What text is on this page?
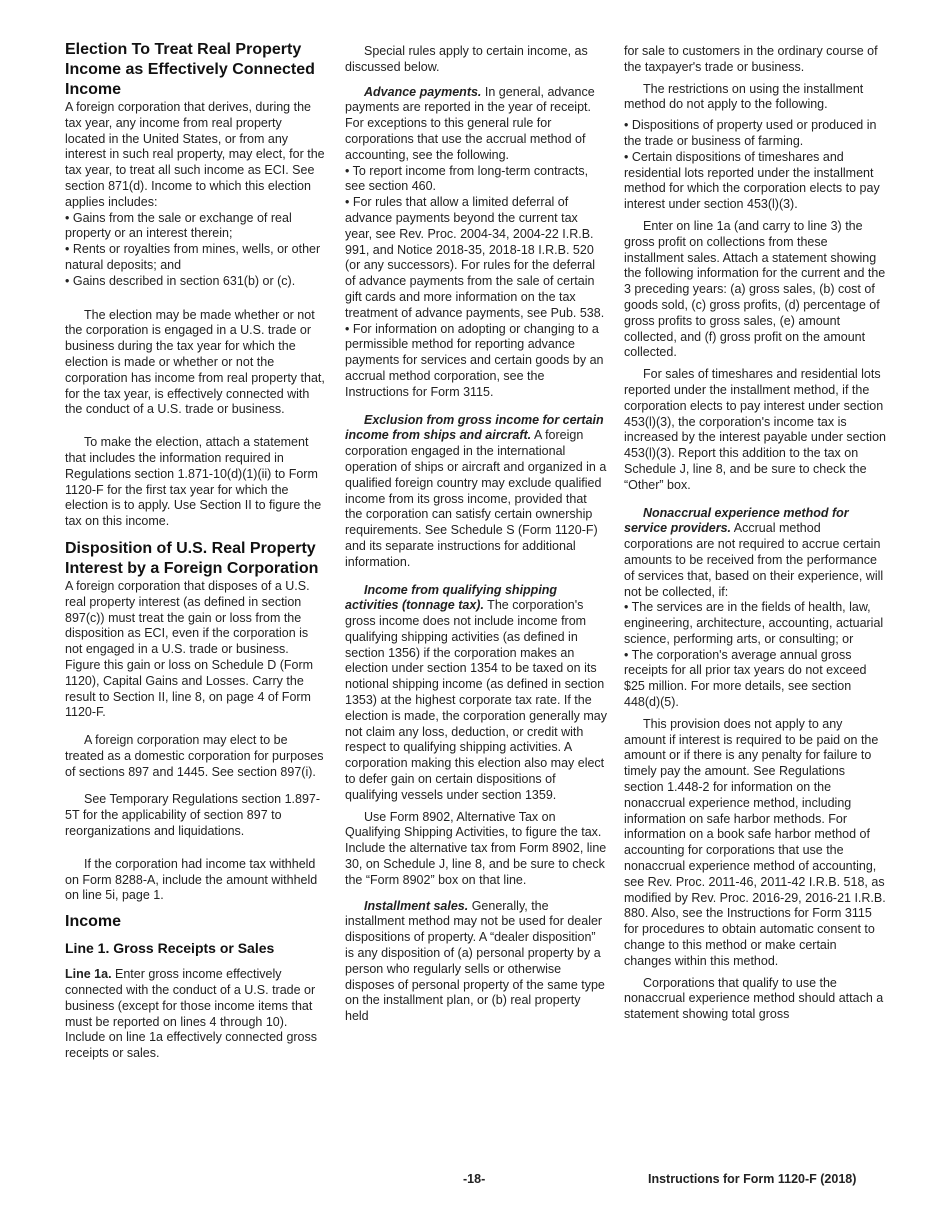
Election To Treat Real Property Income as Effectively Connected Income

A foreign corporation that derives, during the tax year, any income from real property located in the United States, or from any interest in such real property, may elect, for the tax year, to treat all such income as ECI. See section 871(d). Income to which this election applies includes:

• Gains from the sale or exchange of real property or an interest therein;

• Rents or royalties from mines, wells, or other natural deposits; and

• Gains described in section 631(b) or (c).

The election may be made whether or not the corporation is engaged in a U.S. trade or business during the tax year for which the election is made or whether or not the corporation has income from real property that, for the tax year, is effectively connected with the conduct of a U.S. trade or business.

To make the election, attach a statement that includes the information required in Regulations section 1.871-10(d)(1)(ii) to Form 1120-F for the first tax year for which the election is to apply. Use Section II to figure the tax on this income.

Disposition of U.S. Real Property Interest by a Foreign Corporation

A foreign corporation that disposes of a U.S. real property interest (as defined in section 897(c)) must treat the gain or loss from the disposition as ECI, even if the corporation is not engaged in a U.S. trade or business. Figure this gain or loss on Schedule D (Form 1120), Capital Gains and Losses. Carry the result to Section II, line 8, on page 4 of Form 1120-F.

A foreign corporation may elect to be treated as a domestic corporation for purposes of sections 897 and 1445. See section 897(i).

See Temporary Regulations section 1.897-5T for the applicability of section 897 to reorganizations and liquidations.

If the corporation had income tax withheld on Form 8288-A, include the amount withheld on line 5i, page 1.

Income
Line 1. Gross Receipts or Sales

Line 1a. Enter gross income effectively connected with the conduct of a U.S. trade or business (except for those income items that must be reported on lines 4 through 10). Include on line 1a effectively connected gross receipts or sales.

Special rules apply to certain income, as discussed below.

Advance payments. In general, advance payments are reported in the year of receipt. For exceptions to this general rule for corporations that use the accrual method of accounting, see the following.

• To report income from long-term contracts, see section 460.

• For rules that allow a limited deferral of advance payments beyond the current tax year, see Rev. Proc. 2004-34, 2004-22 I.R.B. 991, and Notice 2018-35, 2018-18 I.R.B. 520 (or any successors). For rules for the deferral of advance payments from the sale of certain gift cards and more information on the tax treatment of advance payments, see Pub. 538.

• For information on adopting or changing to a permissible method for reporting advance payments for services and certain goods by an accrual method corporation, see the Instructions for Form 3115.

Exclusion from gross income for certain income from ships and aircraft. A foreign corporation engaged in the international operation of ships or aircraft and organized in a qualified foreign country may exclude qualified income from its gross income, provided that the corporation can satisfy certain ownership requirements. See Schedule S (Form 1120-F) and its separate instructions for additional information.

Income from qualifying shipping activities (tonnage tax). The corporation's gross income does not include income from qualifying shipping activities (as defined in section 1356) if the corporation makes an election under section 1354 to be taxed on its notional shipping income (as defined in section 1353) at the highest corporate tax rate. If the election is made, the corporation generally may not claim any loss, deduction, or credit with respect to qualifying shipping activities. A corporation making this election also may elect to defer gain on certain dispositions of qualifying vessels under section 1359.

Use Form 8902, Alternative Tax on Qualifying Shipping Activities, to figure the tax. Include the alternative tax from Form 8902, line 30, on Schedule J, line 8, and be sure to check the “Form 8902” box on that line.

Installment sales. Generally, the installment method may not be used for dealer dispositions of property. A “dealer disposition” is any disposition of (a) personal property by a person who regularly sells or otherwise disposes of personal property of the same type on the installment plan, or (b) real property held

for sale to customers in the ordinary course of the taxpayer's trade or business.

The restrictions on using the installment method do not apply to the following.

• Dispositions of property used or produced in the trade or business of farming.

• Certain dispositions of timeshares and residential lots reported under the installment method for which the corporation elects to pay interest under section 453(l)(3).

Enter on line 1a (and carry to line 3) the gross profit on collections from these installment sales. Attach a statement showing the following information for the current and the 3 preceding years: (a) gross sales, (b) cost of goods sold, (c) gross profits, (d) percentage of gross profits to gross sales, (e) amount collected, and (f) gross profit on the amount collected.

For sales of timeshares and residential lots reported under the installment method, if the corporation elects to pay interest under section 453(l)(3), the corporation's income tax is increased by the interest payable under section 453(l)(3). Report this addition to the tax on Schedule J, line 8, and be sure to check the “Other” box.

Nonaccrual experience method for service providers. Accrual method corporations are not required to accrue certain amounts to be received from the performance of services that, based on their experience, will not be collected, if:

• The services are in the fields of health, law, engineering, architecture, accounting, actuarial science, performing arts, or consulting; or

• The corporation's average annual gross receipts for all prior tax years do not exceed $25 million. For more details, see section 448(d)(5).

This provision does not apply to any amount if interest is required to be paid on the amount or if there is any penalty for failure to timely pay the amount. See Regulations section 1.448-2 for information on the nonaccrual experience method, including information on safe harbor methods. For information on a book safe harbor method of accounting for corporations that use the nonaccrual experience method of accounting, see Rev. Proc. 2011-46, 2011-42 I.R.B. 518, as modified by Rev. Proc. 2016-29, 2016-21 I.R.B. 880. Also, see the Instructions for Form 3115 for procedures to obtain automatic consent to change to this method or make certain changes within this method.

Corporations that qualify to use the nonaccrual experience method should attach a statement showing total gross

-18-	Instructions for Form 1120-F (2018)
